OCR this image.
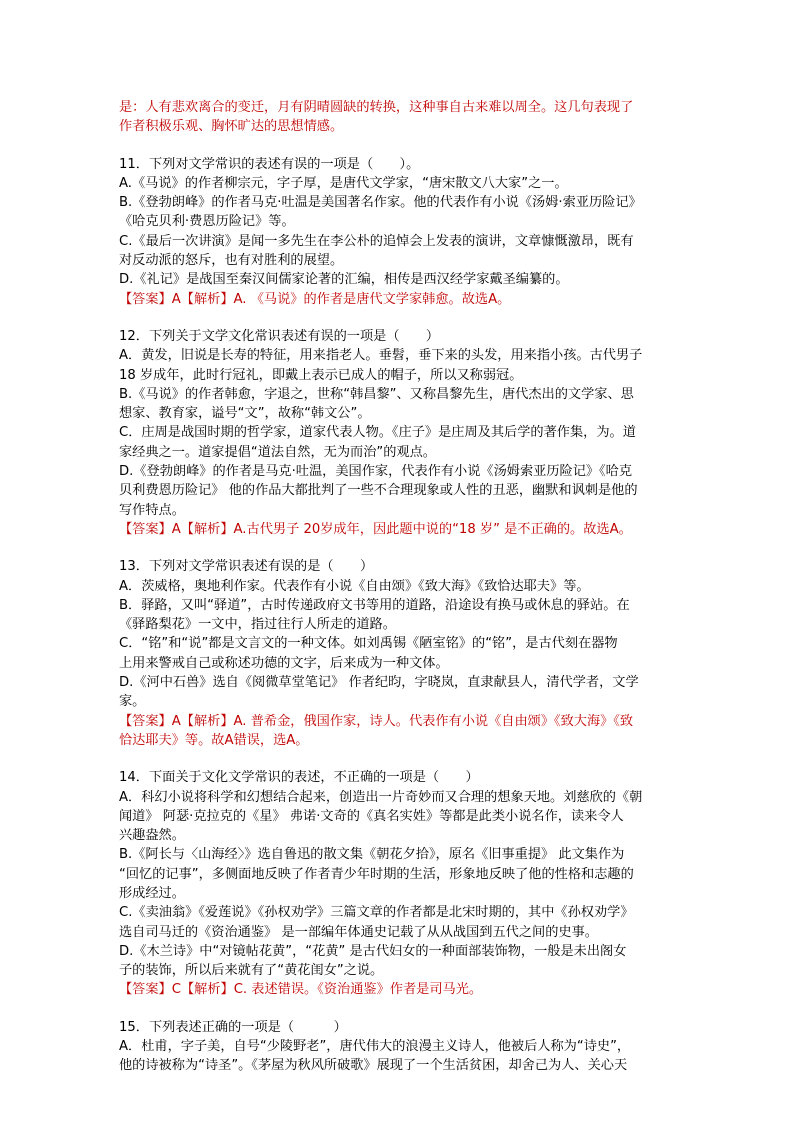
是：人有悲欢离合的变迁，月有阴晴圆缺的转换，这种事自古来难以周全。这几句表现了

作者积极乐观、胸怀旷达的思想情感。

11．下列对文学常识的表述有误的一项是（　　）。

A.《马说》的作者柳宗元，字子厚，是唐代文学家，“唐宋散文八大家”之一。

B.《登勃朗峰》的作者马克·吐温是美国著名作家。他的代表作有小说《汤姆·索亚历险记》

《哈克贝利·费恩历险记》等。

C.《最后一次讲演》是闻一多先生在李公朴的追悼会上发表的演讲，文章慷慨激昂，既有

对反动派的怒斥，也有对胜利的展望。

D.《礼记》是战国至秦汉间儒家论著的汇编，相传是西汉经学家戴圣编纂的。

【答案】A【解析】A. 《马说》的作者是唐代文学家韩愈。故选A。

12．下列关于文学文化常识表述有误的一项是（　　）

A．黄发，旧说是长寿的特征，用来指老人。垂髫，垂下来的头发，用来指小孩。古代男子

18 岁成年，此时行冠礼，即戴上表示已成人的帽子，所以又称弱冠。

B.《马说》的作者韩愈，字退之，世称“韩昌黎”、又称昌黎先生，唐代杰出的文学家、思

想家、教育家，谥号“文”，故称“韩文公”。

C．庄周是战国时期的哲学家，道家代表人物。《庄子》是庄周及其后学的著作集，为。道

家经典之一。道家提倡“道法自然，无为而治”的观点。

D.《登勃朗峰》的作者是马克·吐温，美国作家，代表作有小说《汤姆索亚历险记》《哈克

贝利费恩历险记》 他的作品大都批判了一些不合理现象或人性的丑恶，幽默和讽刺是他的

写作特点。

【答案】A【解析】A.古代男子 20岁成年，因此题中说的“18 岁” 是不正确的。故选A。

13．下列对文学常识表述有误的是（　　）

A．茨威格，奥地利作家。代表作有小说《自由颂》《致大海》《致恰达耶夫》等。

B．驿路，又叫“驿道”，古时传递政府文书等用的道路，沿途设有换马或休息的驿站。在

《驿路梨花》一文中，指过往行人所走的道路。

C．“铭”和“说”都是文言文的一种文体。如刘禹锡《陋室铭》的“铭”，是古代刻在器物

上用来警戒自己或称述功德的文字，后来成为一种文体。

D.《河中石兽》选自《阅微草堂笔记》 作者纪昀，字晓岚，直隶献县人，清代学者，文学

家。

【答案】A【解析】A. 普希金，俄国作家，诗人。代表作有小说《自由颂》《致大海》《致

恰达耶夫》等。故A错误，选A。

14．下面关于文化文学常识的表述，不正确的一项是（　　）

A．科幻小说将科学和幻想结合起来，创造出一片奇妙而又合理的想象天地。刘慈欣的《朝

闻道》 阿瑟·克拉克的《星》 弗诺·文奇的《真名实姓》等都是此类小说名作，读来令人

兴趣盎然。

B.《阿长与〈山海经〉》选自鲁迅的散文集《朝花夕拾》，原名《旧事重提》 此文集作为

“回忆的记事”，多侧面地反映了作者青少年时期的生活，形象地反映了他的性格和志趣的

形成经过。

C.《卖油翁》《爱莲说》《孙权劝学》三篇文章的作者都是北宋时期的，其中《孙权劝学》

选自司马迁的《资治通鉴》 是一部编年体通史记载了从从战国到五代之间的史事。

D.《木兰诗》中“对镜帖花黄”，“花黄” 是古代妇女的一种面部装饰物，一般是未出阁女

子的装饰，所以后来就有了“黄花闺女”之说。

【答案】C【解析】C. 表述错误。《资治通鉴》作者是司马光。

15．下列表述正确的一项是（　　　）

A．杜甫，字子美，自号“少陵野老”，唐代伟大的浪漫主义诗人，他被后人称为“诗史”，

他的诗被称为“诗圣”。《茅屋为秋风所破歌》展现了一个生活贫困，却舍己为人、关心天
